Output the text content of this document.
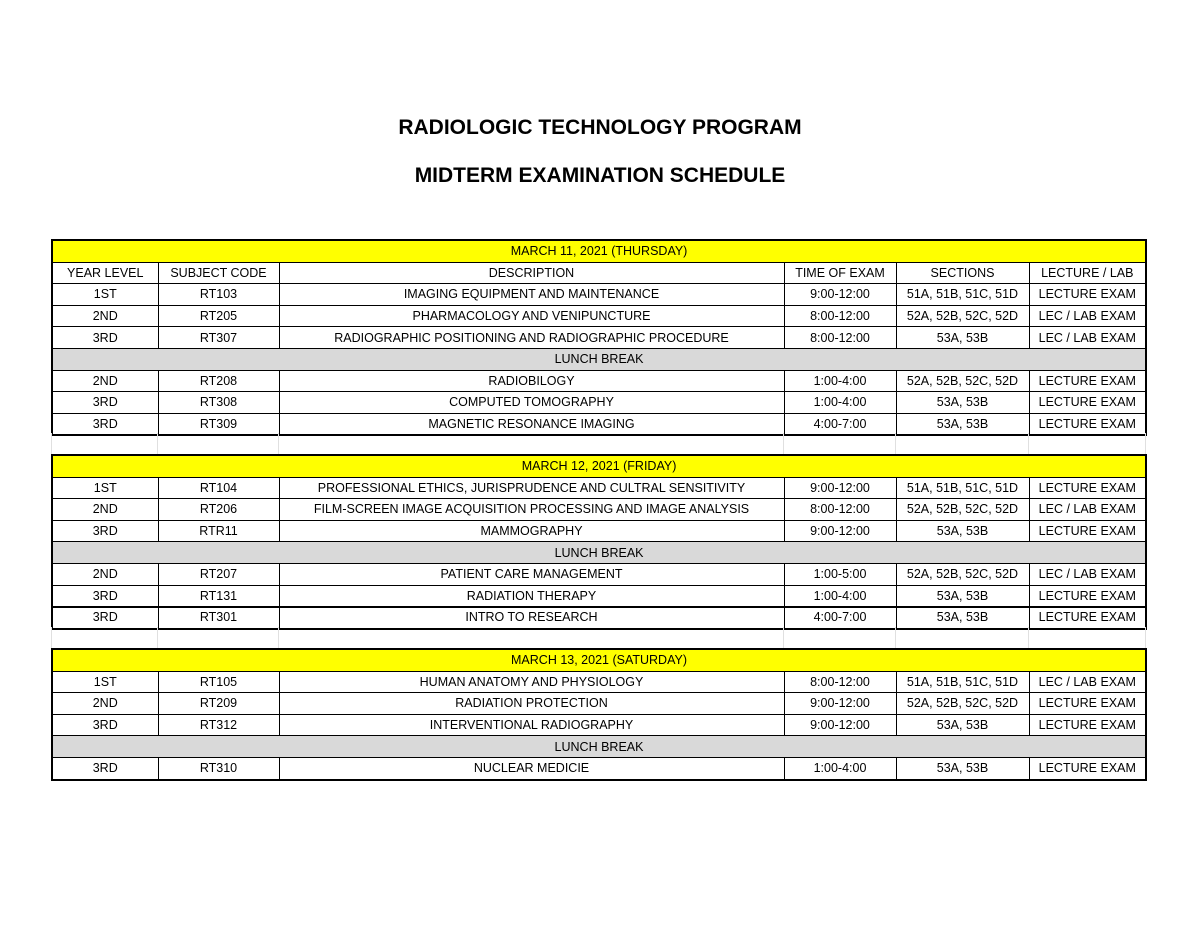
RADIOLOGIC TECHNOLOGY PROGRAM
MIDTERM EXAMINATION SCHEDULE
MARCH 11, 2021 (THURSDAY)					
YEAR LEVEL	SUBJECT CODE	DESCRIPTION	TIME OF EXAM	SECTIONS	LECTURE / LAB
1ST	RT103	IMAGING EQUIPMENT AND MAINTENANCE	9:00-12:00	51A, 51B, 51C, 51D	LECTURE EXAM
2ND	RT205	PHARMACOLOGY AND VENIPUNCTURE	8:00-12:00	52A, 52B, 52C, 52D	LEC / LAB EXAM
3RD	RT307	RADIOGRAPHIC POSITIONING AND RADIOGRAPHIC PROCEDURE	8:00-12:00	53A, 53B	LEC / LAB EXAM
LUNCH BREAK					
2ND	RT208	RADIOBILOGY	1:00-4:00	52A, 52B, 52C, 52D	LECTURE EXAM
3RD	RT308	COMPUTED TOMOGRAPHY	1:00-4:00	53A, 53B	LECTURE EXAM
3RD	RT309	MAGNETIC RESONANCE IMAGING	4:00-7:00	53A, 53B	LECTURE EXAM
MARCH 12, 2021 (FRIDAY)					
1ST	RT104	PROFESSIONAL ETHICS, JURISPRUDENCE AND CULTRAL SENSITIVITY	9:00-12:00	51A, 51B, 51C, 51D	LECTURE EXAM
2ND	RT206	FILM-SCREEN IMAGE ACQUISITION PROCESSING AND IMAGE ANALYSIS	8:00-12:00	52A, 52B, 52C, 52D	LEC / LAB EXAM
3RD	RTR11	MAMMOGRAPHY	9:00-12:00	53A, 53B	LECTURE EXAM
LUNCH BREAK					
2ND	RT207	PATIENT CARE MANAGEMENT	1:00-5:00	52A, 52B, 52C, 52D	LEC / LAB EXAM
3RD	RT131	RADIATION THERAPY	1:00-4:00	53A, 53B	LECTURE EXAM
3RD	RT301	INTRO TO RESEARCH	4:00-7:00	53A, 53B	LECTURE EXAM
MARCH 13, 2021 (SATURDAY)					
1ST	RT105	HUMAN ANATOMY AND PHYSIOLOGY	8:00-12:00	51A, 51B, 51C, 51D	LEC / LAB EXAM
2ND	RT209	RADIATION PROTECTION	9:00-12:00	52A, 52B, 52C, 52D	LECTURE EXAM
3RD	RT312	INTERVENTIONAL RADIOGRAPHY	9:00-12:00	53A, 53B	LECTURE EXAM
LUNCH BREAK					
3RD	RT310	NUCLEAR MEDICIE	1:00-4:00	53A, 53B	LECTURE EXAM
